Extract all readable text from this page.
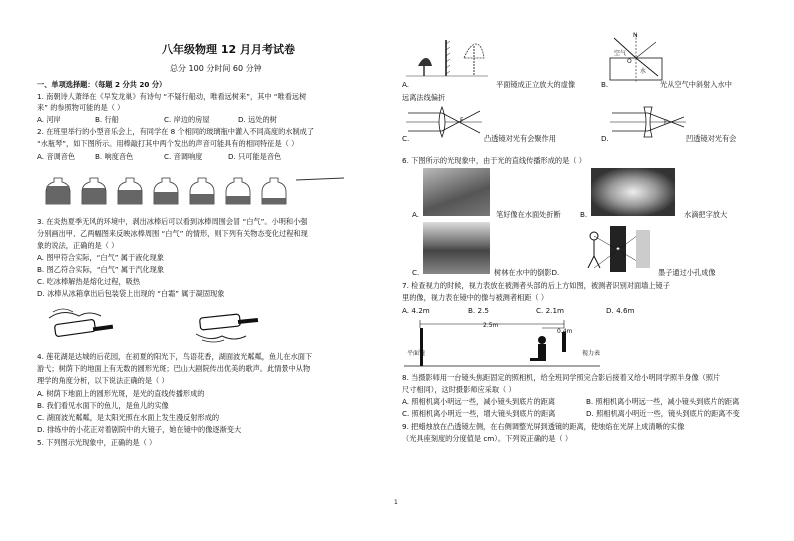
八年级物理 12 月月考试卷
总分 100 分时间 60 分钟
一、单项选择题：（每题 2 分共 20 分）
1. 南朝诗人萧绎在《早发龙巢》有诗句 “不疑行船动，唯看远树来”，其中 “唯看远树
来” 的参照物可能的是（ ）
A. 河岸	B. 行船	C. 岸边的房屋	D. 远处的树
2. 在班里举行的小型音乐会上，有同学在 8 个相同的玻璃瓶中灌入不同高度的水制成了
“水瓶琴”，如下图所示。用棒敲打其中两个发出的声音可能具有的相同特征是（ ）
A. 音调音色	B. 响度音色	C. 音调响度	D. 只可能是音色
3. 在炎热夏季无风的环境中，剥出冰棒后可以看到冰棒周围会冒 “白气”。小明和小强
分别画出甲、乙两幅图来反映冰棒周围 “白气” 的情形，则下列有关物态变化过程和现
象的说法，正确的是（ ）
A. 图甲符合实际，“白气” 属于液化现象
B. 图乙符合实际，“白气” 属于汽化现象
C. 吃冰棒解热是熔化过程，吸热
D. 冰棒从冰箱拿出后包装袋上出现的 “白霜” 属于凝固现象
4. 莲花湖是达城的后花园，在初夏的阳光下，鸟语花香，湖面波光粼粼，鱼儿在水面下
游弋；树荫下的地面上有无数的圆形光斑；巴山大剧院传出优美的歌声。此情景中从物
理学的角度分析，以下说法正确的是（ ）
A. 树荫下地面上的圆形光斑，是光的直线传播形成的
B. 我们看见水面下的鱼儿，是鱼儿的实像
C. 湖面波光粼粼，是太阳光照在水面上发生漫反射形成的
D. 排练中的小花正对着剧院中的大镜子，她在镜中的像逐渐变大
5. 下列图示光现象中，正确的是（ ）
A.
N
O
空气
水
平面镜成正立放大的虚像	B.	光从空气中斜射入水中
远离法线偏折
F
C.	凸透镜对光有会聚作用
F
D.	凹透镜对光有会
6. 下图所示的光现象中，由于光的直线传播形成的是（ ）
A.	笔好像在水面处折断	B.	水滴把字放大
C.	树林在水中的倒影D.	墨子通过小孔成像
7. 检查视力的时候，视力表放在被测者头部的后上方如图，被测者识别对面墙上镜子
里的像，视力表在镜中的像与被测者相距（ ）
A. 4.2m	B. 2.5	C. 2.1m	D. 4.6m
2.5m
0.4m
平面镜	视力表
8. 当摄影师用一台镜头焦距固定的照相机，给全班同学照完合影后接着又给小明同学照半身像（照片
尺寸相同），这时摄影师应采取（ ）
A. 照相机离小明远一些，减小镜头到底片的距离	B. 照相机离小明远一些，减小镜头到底片的距离
C. 照相机离小明近一些，增大镜头到底片的距离	D. 照相机离小明近一些，镜头到底片的距离不变
9. 把蜡烛放在凸透镜左侧，在右侧调整光屏到透镜的距离，使烛焰在光屏上成清晰的实像
（光具座刻度的分度值是 cm）。下列说正确的是（ ）
1
